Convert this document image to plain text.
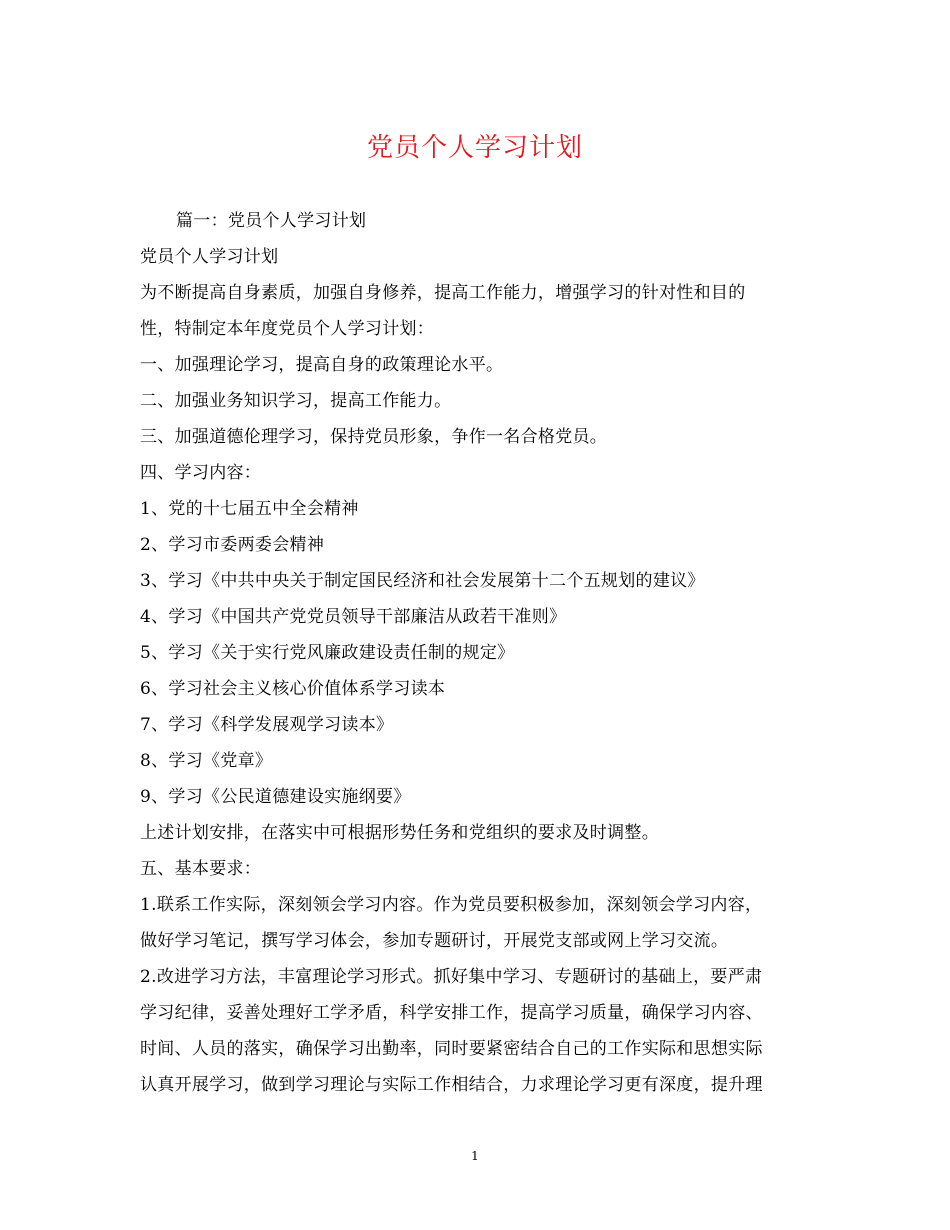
党员个人学习计划
篇一：党员个人学习计划
党员个人学习计划
为不断提高自身素质，加强自身修养，提高工作能力，增强学习的针对性和目的
性，特制定本年度党员个人学习计划：
一、加强理论学习，提高自身的政策理论水平。
二、加强业务知识学习，提高工作能力。
三、加强道德伦理学习，保持党员形象，争作一名合格党员。
四、学习内容：
1、党的十七届五中全会精神
2、学习市委两委会精神
3、学习《中共中央关于制定国民经济和社会发展第十二个五规划的建议》
4、学习《中国共产党党员领导干部廉洁从政若干准则》
5、学习《关于实行党风廉政建设责任制的规定》
6、学习社会主义核心价值体系学习读本
7、学习《科学发展观学习读本》
8、学习《党章》
9、学习《公民道德建设实施纲要》
上述计划安排，在落实中可根据形势任务和党组织的要求及时调整。
五、基本要求：
1.联系工作实际，深刻领会学习内容。作为党员要积极参加，深刻领会学习内容，
做好学习笔记，撰写学习体会，参加专题研讨，开展党支部或网上学习交流。
2.改进学习方法，丰富理论学习形式。抓好集中学习、专题研讨的基础上，要严肃
学习纪律，妥善处理好工学矛盾，科学安排工作，提高学习质量，确保学习内容、
时间、人员的落实，确保学习出勤率，同时要紧密结合自己的工作实际和思想实际
认真开展学习，做到学习理论与实际工作相结合，力求理论学习更有深度，提升理
1
